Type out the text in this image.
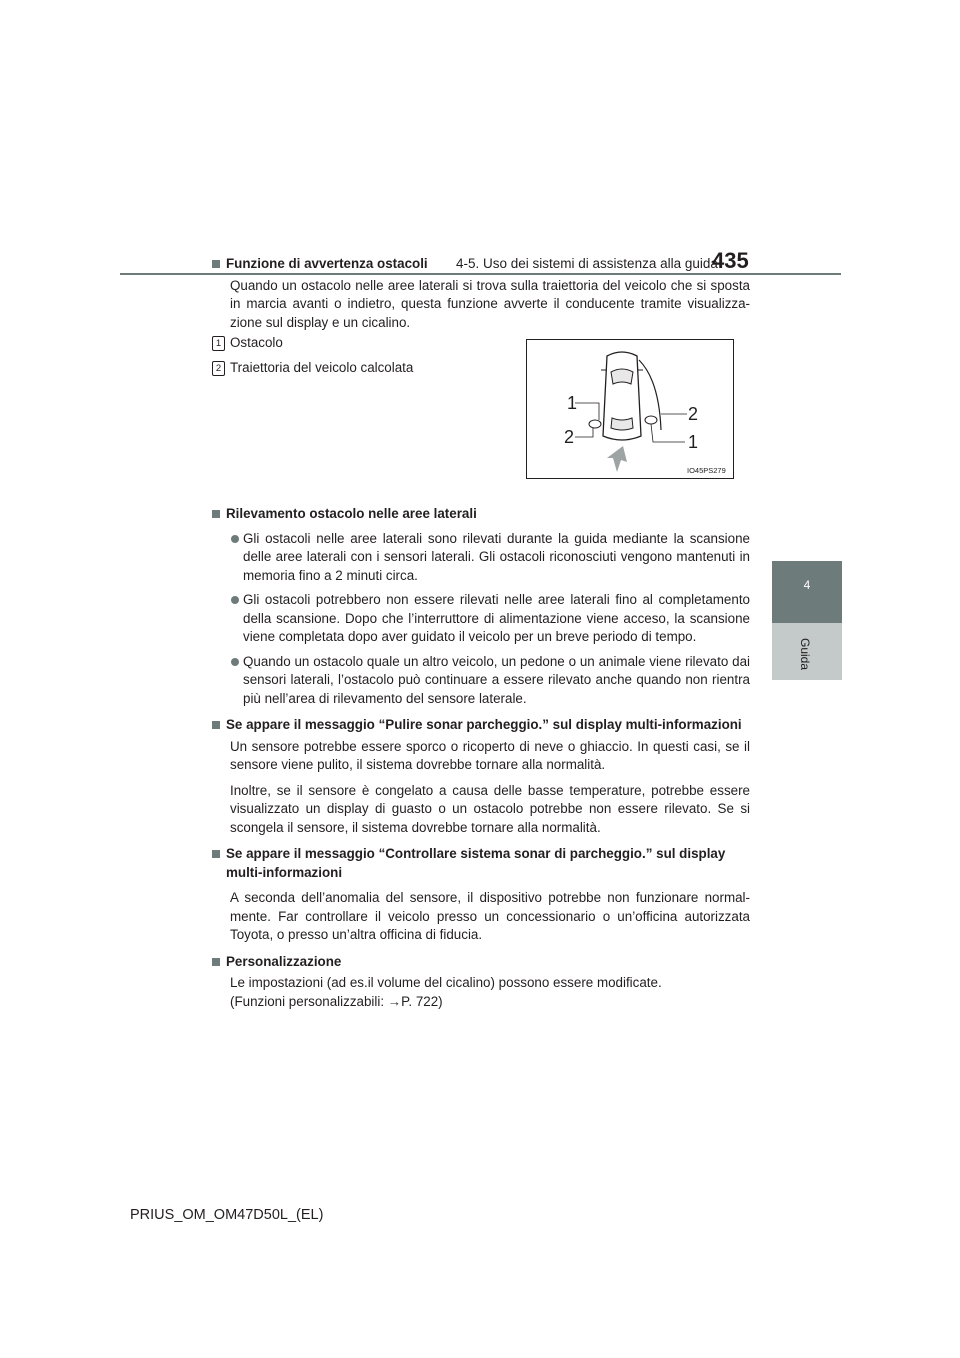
4-5. Uso dei sistemi di assistenza alla guida
435
4
Guida
1 Ostacolo
2 Traiettoria del veicolo calcolata
1
2
2
1
IO45PS279
Funzione di avvertenza ostacoli
Quando un ostacolo nelle aree laterali si trova sulla traiettoria del veicolo che si sposta in marcia avanti o indietro, questa funzione avverte il conducente tramite visualizza-zione sul display e un cicalino.
Rilevamento ostacolo nelle aree laterali
Gli ostacoli nelle aree laterali sono rilevati durante la guida mediante la scansione delle aree laterali con i sensori laterali. Gli ostacoli riconosciuti vengono mantenuti in memoria fino a 2 minuti circa.
Gli ostacoli potrebbero non essere rilevati nelle aree laterali fino al completamento della scansione. Dopo che l’interruttore di alimentazione viene acceso, la scansione viene completata dopo aver guidato il veicolo per un breve periodo di tempo.
Quando un ostacolo quale un altro veicolo, un pedone o un animale viene rilevato dai sensori laterali, l’ostacolo può continuare a essere rilevato anche quando non rientra più nell’area di rilevamento del sensore laterale.
Se appare il messaggio “Pulire sonar parcheggio.” sul display multi-informazioni
Un sensore potrebbe essere sporco o ricoperto di neve o ghiaccio. In questi casi, se il sensore viene pulito, il sistema dovrebbe tornare alla normalità.
Inoltre, se il sensore è congelato a causa delle basse temperature, potrebbe essere visualizzato un display di guasto o un ostacolo potrebbe non essere rilevato. Se si scongela il sensore, il sistema dovrebbe tornare alla normalità.
Se appare il messaggio “Controllare sistema sonar di parcheggio.” sul display multi-informazioni
A seconda dell’anomalia del sensore, il dispositivo potrebbe non funzionare normal-mente. Far controllare il veicolo presso un concessionario o un’officina autorizzata Toyota, o presso un’altra officina di fiducia.
Personalizzazione
Le impostazioni (ad es.il volume del cicalino) possono essere modificate.
(Funzioni personalizzabili: →P. 722)
PRIUS_OM_OM47D50L_(EL)
